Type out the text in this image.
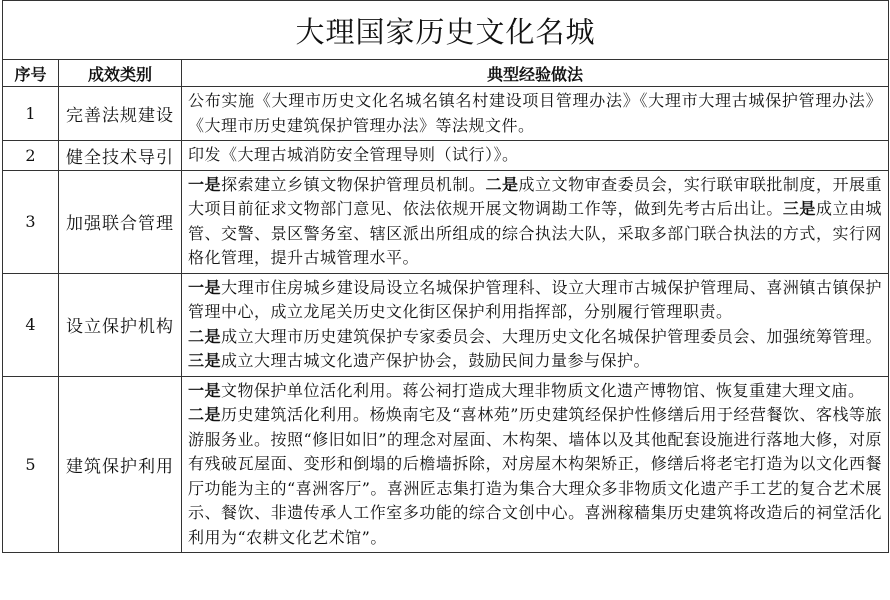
大理国家历史文化名城		
序号	成效类别	典型经验做法
1	完善法规建设	公布实施《大理市历史文化名城名镇名村建设项目管理办法》《大理市大理古城保护管理办法》《大理市历史建筑保护管理办法》等法规文件。

2	健全技术导引	印发《大理古城消防安全管理导则（试行）》。

3	加强联合管理	一是探索建立乡镇文物保护管理员机制。二是成立文物审查委员会，实行联审联批制度，开展重大项目前征求文物部门意见、依法依规开展文物调勘工作等，做到先考古后出让。三是成立由城管、交警、景区警务室、辖区派出所组成的综合执法大队，采取多部门联合执法的方式，实行网格化管理，提升古城管理水平。

4	设立保护机构	一是大理市住房城乡建设局设立名城保护管理科、设立大理市古城保护管理局、喜洲镇古镇保护管理中心，成立龙尾关历史文化街区保护利用指挥部，分别履行管理职责。

二是成立大理市历史建筑保护专家委员会、大理历史文化名城保护管理委员会、加强统筹管理。三是成立大理古城文化遗产保护协会，鼓励民间力量参与保护。

5	建筑保护利用	一是文物保护单位活化利用。蒋公祠打造成大理非物质文化遗产博物馆、恢复重建大理文庙。

二是历史建筑活化利用。杨焕南宅及“喜林苑”历史建筑经保护性修缮后用于经营餐饮、客栈等旅游服务业。按照“修旧如旧”的理念对屋面、木构架、墙体以及其他配套设施进行落地大修，对原有残破瓦屋面、变形和倒塌的后檐墙拆除，对房屋木构架矫正，修缮后将老宅打造为以文化西餐厅功能为主的“喜洲客厅”。喜洲匠志集打造为集合大理众多非物质文化遗产手工艺的复合艺术展示、餐饮、非遗传承人工作室多功能的综合文创中心。喜洲稼穑集历史建筑将改造后的祠堂活化利用为“农耕文化艺术馆”。
